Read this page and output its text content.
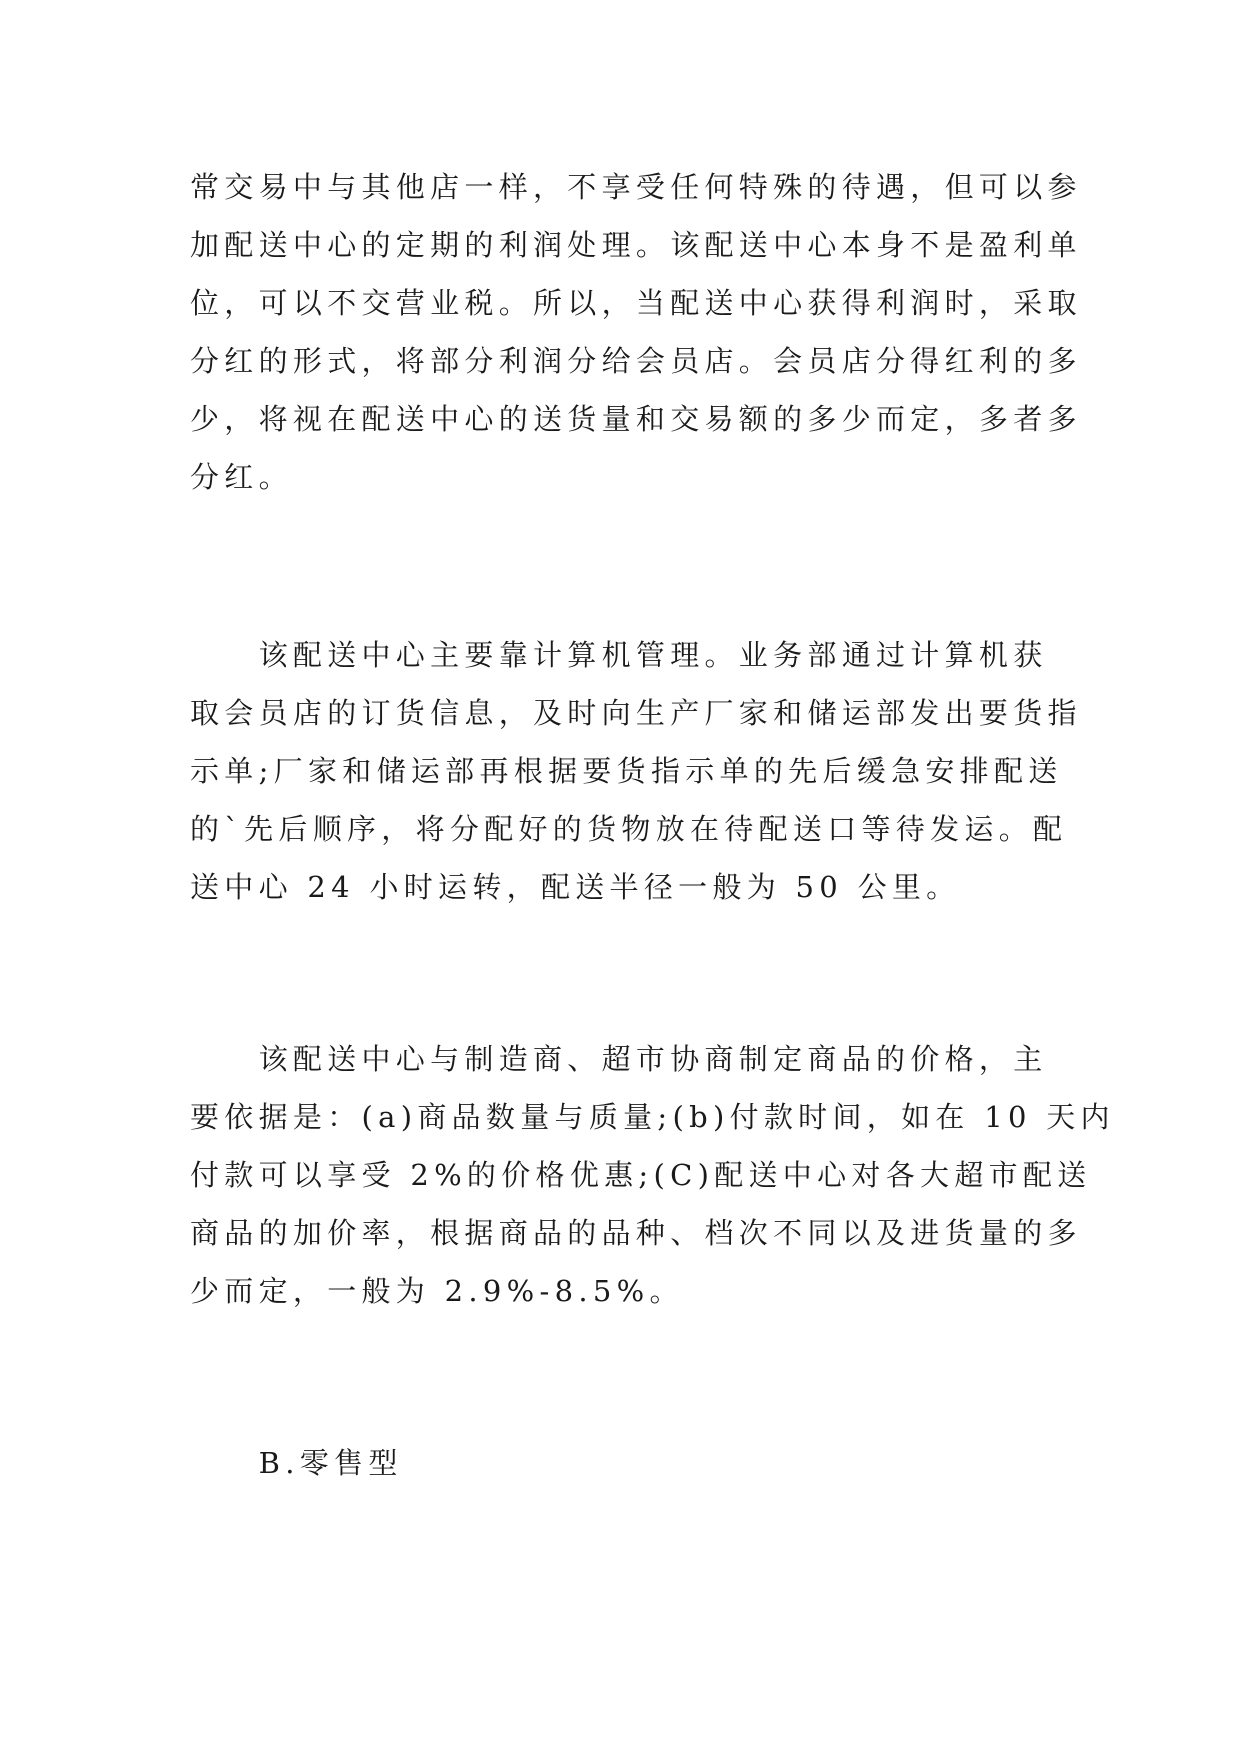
常交易中与其他店一样，不享受任何特殊的待遇，但可以参
加配送中心的定期的利润处理。该配送中心本身不是盈利单
位，可以不交营业税。所以，当配送中心获得利润时，采取
分红的形式，将部分利润分给会员店。会员店分得红利的多
少，将视在配送中心的送货量和交易额的多少而定，多者多
分红。
　　该配送中心主要靠计算机管理。业务部通过计算机获
取会员店的订货信息，及时向生产厂家和储运部发出要货指
示单;厂家和储运部再根据要货指示单的先后缓急安排配送
的`先后顺序，将分配好的货物放在待配送口等待发运。配
送中心 24 小时运转，配送半径一般为 50 公里。
　　该配送中心与制造商、超市协商制定商品的价格，主
要依据是：(a)商品数量与质量;(b)付款时间，如在 10 天内
付款可以享受 2%的价格优惠;(C)配送中心对各大超市配送
商品的加价率，根据商品的品种、档次不同以及进货量的多
少而定，一般为 2.9%-8.5%。
　　B.零售型
